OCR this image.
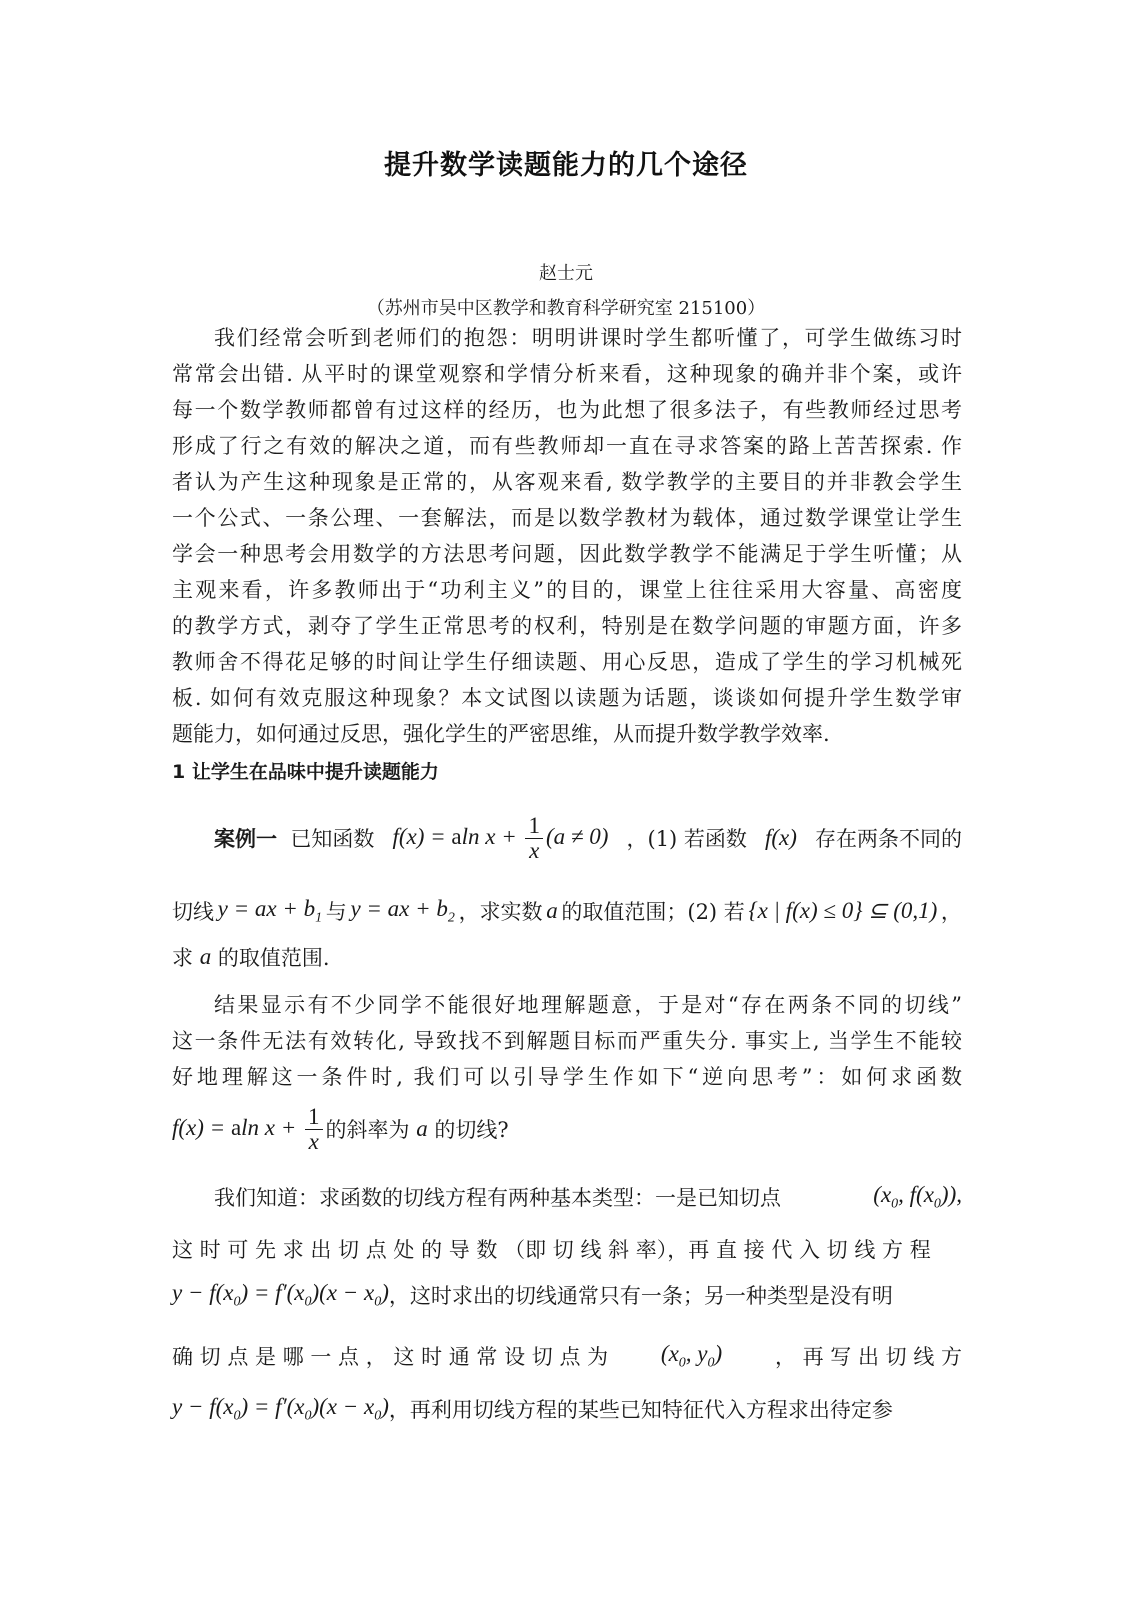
提升数学读题能力的几个途径
赵士元
（苏州市吴中区教学和教育科学研究室 215100）
我们经常会听到老师们的抱怨：明明讲课时学生都听懂了，可学生做练习时
常常会出错. 从平时的课堂观察和学情分析来看，这种现象的确并非个案，或许
每一个数学教师都曾有过这样的经历，也为此想了很多法子，有些教师经过思考
形成了行之有效的解决之道，而有些教师却一直在寻求答案的路上苦苦探索. 作
者认为产生这种现象是正常的，从客观来看, 数学教学的主要目的并非教会学生
一个公式、一条公理、一套解法，而是以数学教材为载体，通过数学课堂让学生
学会一种思考会用数学的方法思考问题，因此数学教学不能满足于学生听懂；从
主观来看，许多教师出于“功利主义”的目的，课堂上往往采用大容量、高密度
的教学方式，剥夺了学生正常思考的权利，特别是在数学问题的审题方面，许多
教师舍不得花足够的时间让学生仔细读题、用心反思，造成了学生的学习机械死
板. 如何有效克服这种现象？本文试图以读题为话题，谈谈如何提升学生数学审
题能力，如何通过反思，强化学生的严密思维，从而提升数学教学效率.
1 让学生在品味中提升读题能力
案例一 已知函数 f(x) = aln $x + \frac{1}{x} (a \ne 0)$ ，(1) 若函数 f(x) 存在两条不同的
切线 y = ax + $b_1$ 与 y = ax + $b_2$ ，求实数 a 的取值范围；(2) 若 {x | f(x) ≤ 0} ⊆ (0,1) ，
求
a
的取值范围.
结果显示有不少同学不能很好地理解题意，于是对“存在两条不同的切线”
这一条件无法有效转化, 导致找不到解题目标而严重失分. 事实上, 当学生不能较
好地理解这一条件时, 我们可以引导学生作如下“逆向思考”：如何求函数
f(x) = aln $x + \frac{1}{x}$ 的斜率为
a
的切线?
我们知道：求函数的切线方程有两种基本类型：一是已知切点	($x_0$, $f(x_0)$),
这 时 可 先 求 出 切 点 处 的 导 数 （即 切 线 斜 率），再 直 接 代 入 切 线 方 程
$y - f(x_0) = f'(x_0)(x - x_0)$ ，这时求出的切线通常只有一条；另一种类型是没有明
确 切 点 是 哪 一 点 ， 这 时 通 常 设 切 点 为 ($x_0$, $y_0$)	， 再 写 出 切 线 方
$y - f(x_0) = f'(x_0)(x - x_0)$ ，再利用切线方程的某些已知特征代入方程求出待定参
